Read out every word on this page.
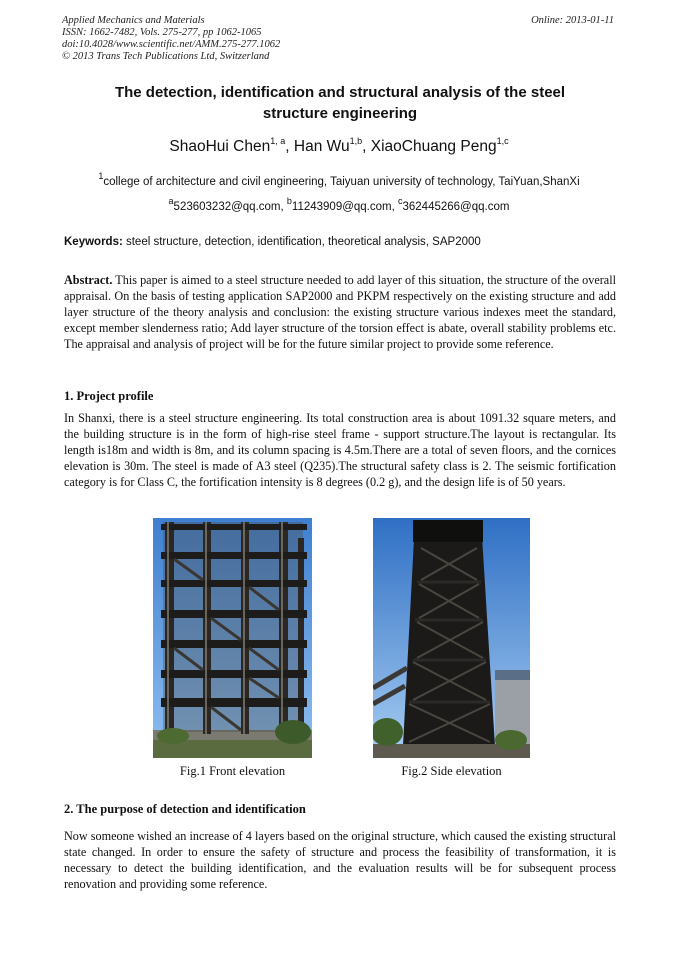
Applied Mechanics and Materials
ISSN: 1662-7482, Vols. 275-277, pp 1062-1065
doi:10.4028/www.scientific.net/AMM.275-277.1062
© 2013 Trans Tech Publications Ltd, Switzerland
Online: 2013-01-11
The detection, identification and structural analysis of the steel
structure engineering
ShaoHui Chen$^{1, a}$, Han Wu$^{1,b}$, XiaoChuang Peng$^{1,c}$
$^1$college of architecture and civil engineering, Taiyuan university of technology, TaiYuan,ShanXi
$^a$523603232@qq.com, $^b$11243909@qq.com, $^c$362445266@qq.com
Keywords: steel structure, detection, identification, theoretical analysis, SAP2000
Abstract. This paper is aimed to a steel structure needed to add layer of this situation, the structure of the overall appraisal. On the basis of testing application SAP2000 and PKPM respectively on the existing structure and add layer structure of the theory analysis and conclusion: the existing structure various indexes meet the standard, except member slenderness ratio; Add layer structure of the torsion effect is abate, overall stability problems etc. The appraisal and analysis of project will be for the future similar project to provide some reference.
1. Project profile
In Shanxi, there is a steel structure engineering. Its total construction area is about 1091.32 square meters, and the building structure is in the form of high-rise steel frame - support structure.The layout is rectangular. Its length is18m and width is 8m, and its column spacing is 4.5m.There are a total of seven floors, and the cornices elevation is 30m. The steel is made of A3 steel (Q235).The structural safety class is 2. The seismic fortification category is for Class C, the fortification intensity is 8 degrees (0.2 g), and the design life is of 50 years.
Fig.1 Front elevation	Fig.2 Side elevation
2. The purpose of detection and identification
Now someone wished an increase of 4 layers based on the original structure, which caused the existing structural state changed. In order to ensure the safety of structure and process the feasibility of transformation, it is necessary to detect the building identification, and the evaluation results will be for subsequent process renovation and providing some reference.
